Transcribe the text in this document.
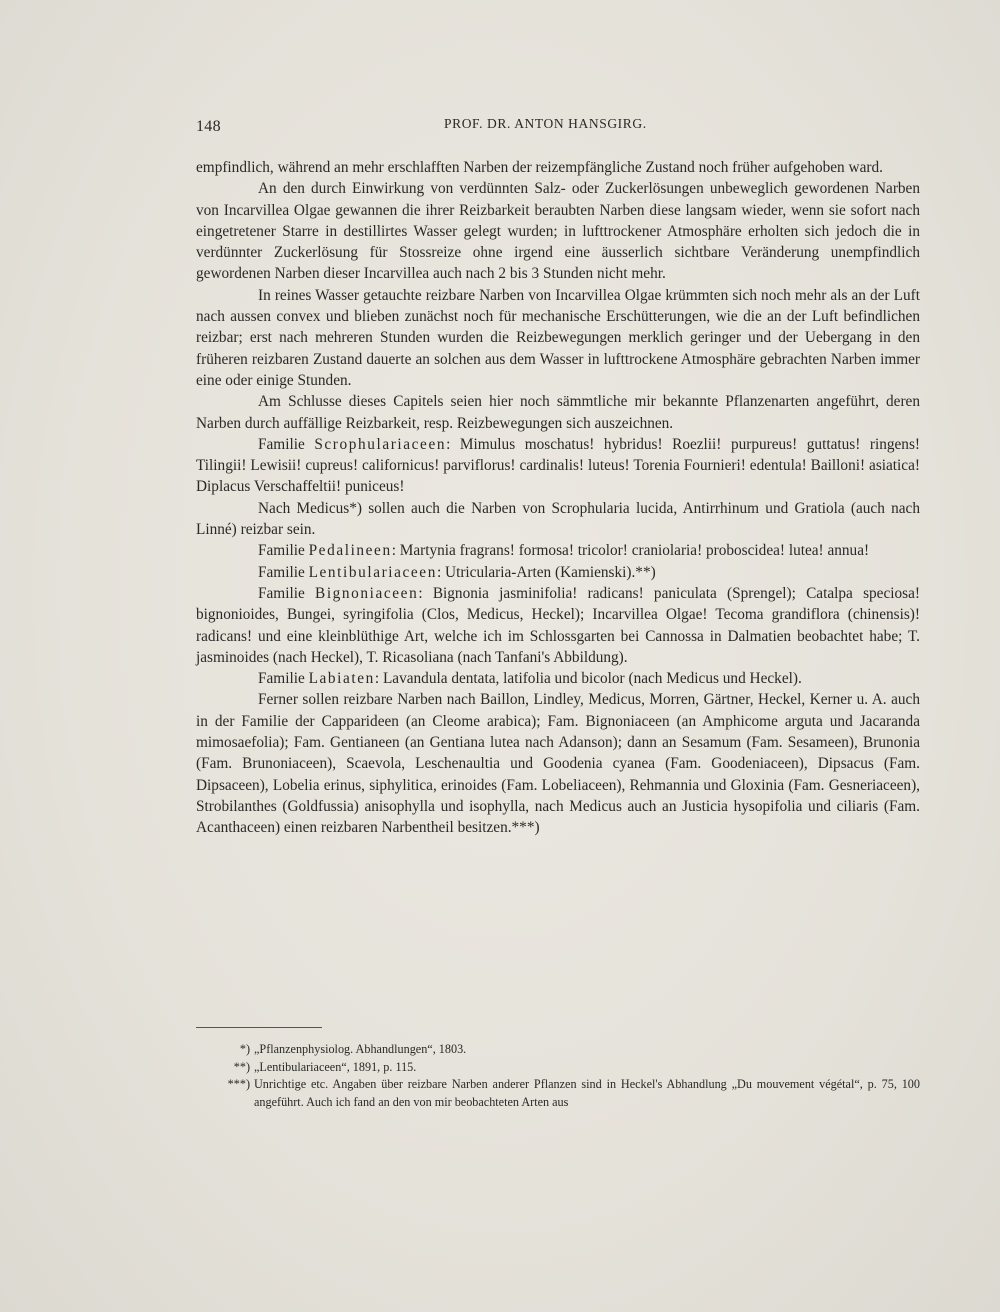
148	PROF. DR. ANTON HANSGIRG.

empfindlich, während an mehr erschlafften Narben der reizempfängliche Zustand noch früher aufgehoben ward.

An den durch Einwirkung von verdünnten Salz- oder Zuckerlösungen unbeweglich gewordenen Narben von Incarvillea Olgae gewannen die ihrer Reizbarkeit beraubten Narben diese langsam wieder, wenn sie sofort nach eingetretener Starre in destillirtes Wasser gelegt wurden; in lufttrockener Atmosphäre erholten sich jedoch die in verdünnter Zuckerlösung für Stossreize ohne irgend eine äusserlich sichtbare Veränderung unempfindlich gewordenen Narben dieser Incarvillea auch nach 2 bis 3 Stunden nicht mehr.

In reines Wasser getauchte reizbare Narben von Incarvillea Olgae krümmten sich noch mehr als an der Luft nach aussen convex und blieben zunächst noch für mechanische Erschütterungen, wie die an der Luft befindlichen reizbar; erst nach mehreren Stunden wurden die Reizbewegungen merklich geringer und der Uebergang in den früheren reizbaren Zustand dauerte an solchen aus dem Wasser in lufttrockene Atmosphäre gebrachten Narben immer eine oder einige Stunden.

Am Schlusse dieses Capitels seien hier noch sämmtliche mir bekannte Pflanzenarten angeführt, deren Narben durch auffällige Reizbarkeit, resp. Reizbewegungen sich auszeichnen.

Familie Scrophulariaceen: Mimulus moschatus! hybridus! Roezlii! purpureus! guttatus! ringens! Tilingii! Lewisii! cupreus! californicus! parviflorus! cardinalis! luteus! Torenia Fournieri! edentula! Bailloni! asiatica! Diplacus Verschaffeltii! puniceus!

Nach Medicus*) sollen auch die Narben von Scrophularia lucida, Antirrhinum und Gratiola (auch nach Linné) reizbar sein.

Familie Pedalineen: Martynia fragrans! formosa! tricolor! craniolaria! proboscidea! lutea! annua!

Familie Lentibulariaceen: Utricularia-Arten (Kamienski).**)

Familie Bignoniaceen: Bignonia jasminifolia! radicans! paniculata (Sprengel); Catalpa speciosa! bignonioides, Bungei, syringifolia (Clos, Medicus, Heckel); Incarvillea Olgae! Tecoma grandiflora (chinensis)! radicans! und eine kleinblüthige Art, welche ich im Schlossgarten bei Cannossa in Dalmatien beobachtet habe; T. jasminoides (nach Heckel), T. Ricasoliana (nach Tanfani's Abbildung).

Familie Labiaten: Lavandula dentata, latifolia und bicolor (nach Medicus und Heckel).

Ferner sollen reizbare Narben nach Baillon, Lindley, Medicus, Morren, Gärtner, Heckel, Kerner u. A. auch in der Familie der Capparideen (an Cleome arabica); Fam. Bignoniaceen (an Amphicome arguta und Jacaranda mimosaefolia); Fam. Gentianeen (an Gentiana lutea nach Adanson); dann an Sesamum (Fam. Sesameen), Brunonia (Fam. Brunoniaceen), Scaevola, Leschenaultia und Goodenia cyanea (Fam. Goodeniaceen), Dipsacus (Fam. Dipsaceen), Lobelia erinus, siphylitica, erinoides (Fam. Lobeliaceen), Rehmannia und Gloxinia (Fam. Gesneriaceen), Strobilanthes (Goldfussia) anisophylla und isophylla, nach Medicus auch an Justicia hysopifolia und ciliaris (Fam. Acanthaceen) einen reizbaren Narbentheil besitzen.***)

*) „Pflanzenphysiolog. Abhandlungen“, 1803.

**) „Lentibulariaceen“, 1891, p. 115.

***) Unrichtige etc. Angaben über reizbare Narben anderer Pflanzen sind in Heckel's Abhandlung „Du mouvement végétal“, p. 75, 100 angeführt. Auch ich fand an den von mir beobachteten Arten aus
